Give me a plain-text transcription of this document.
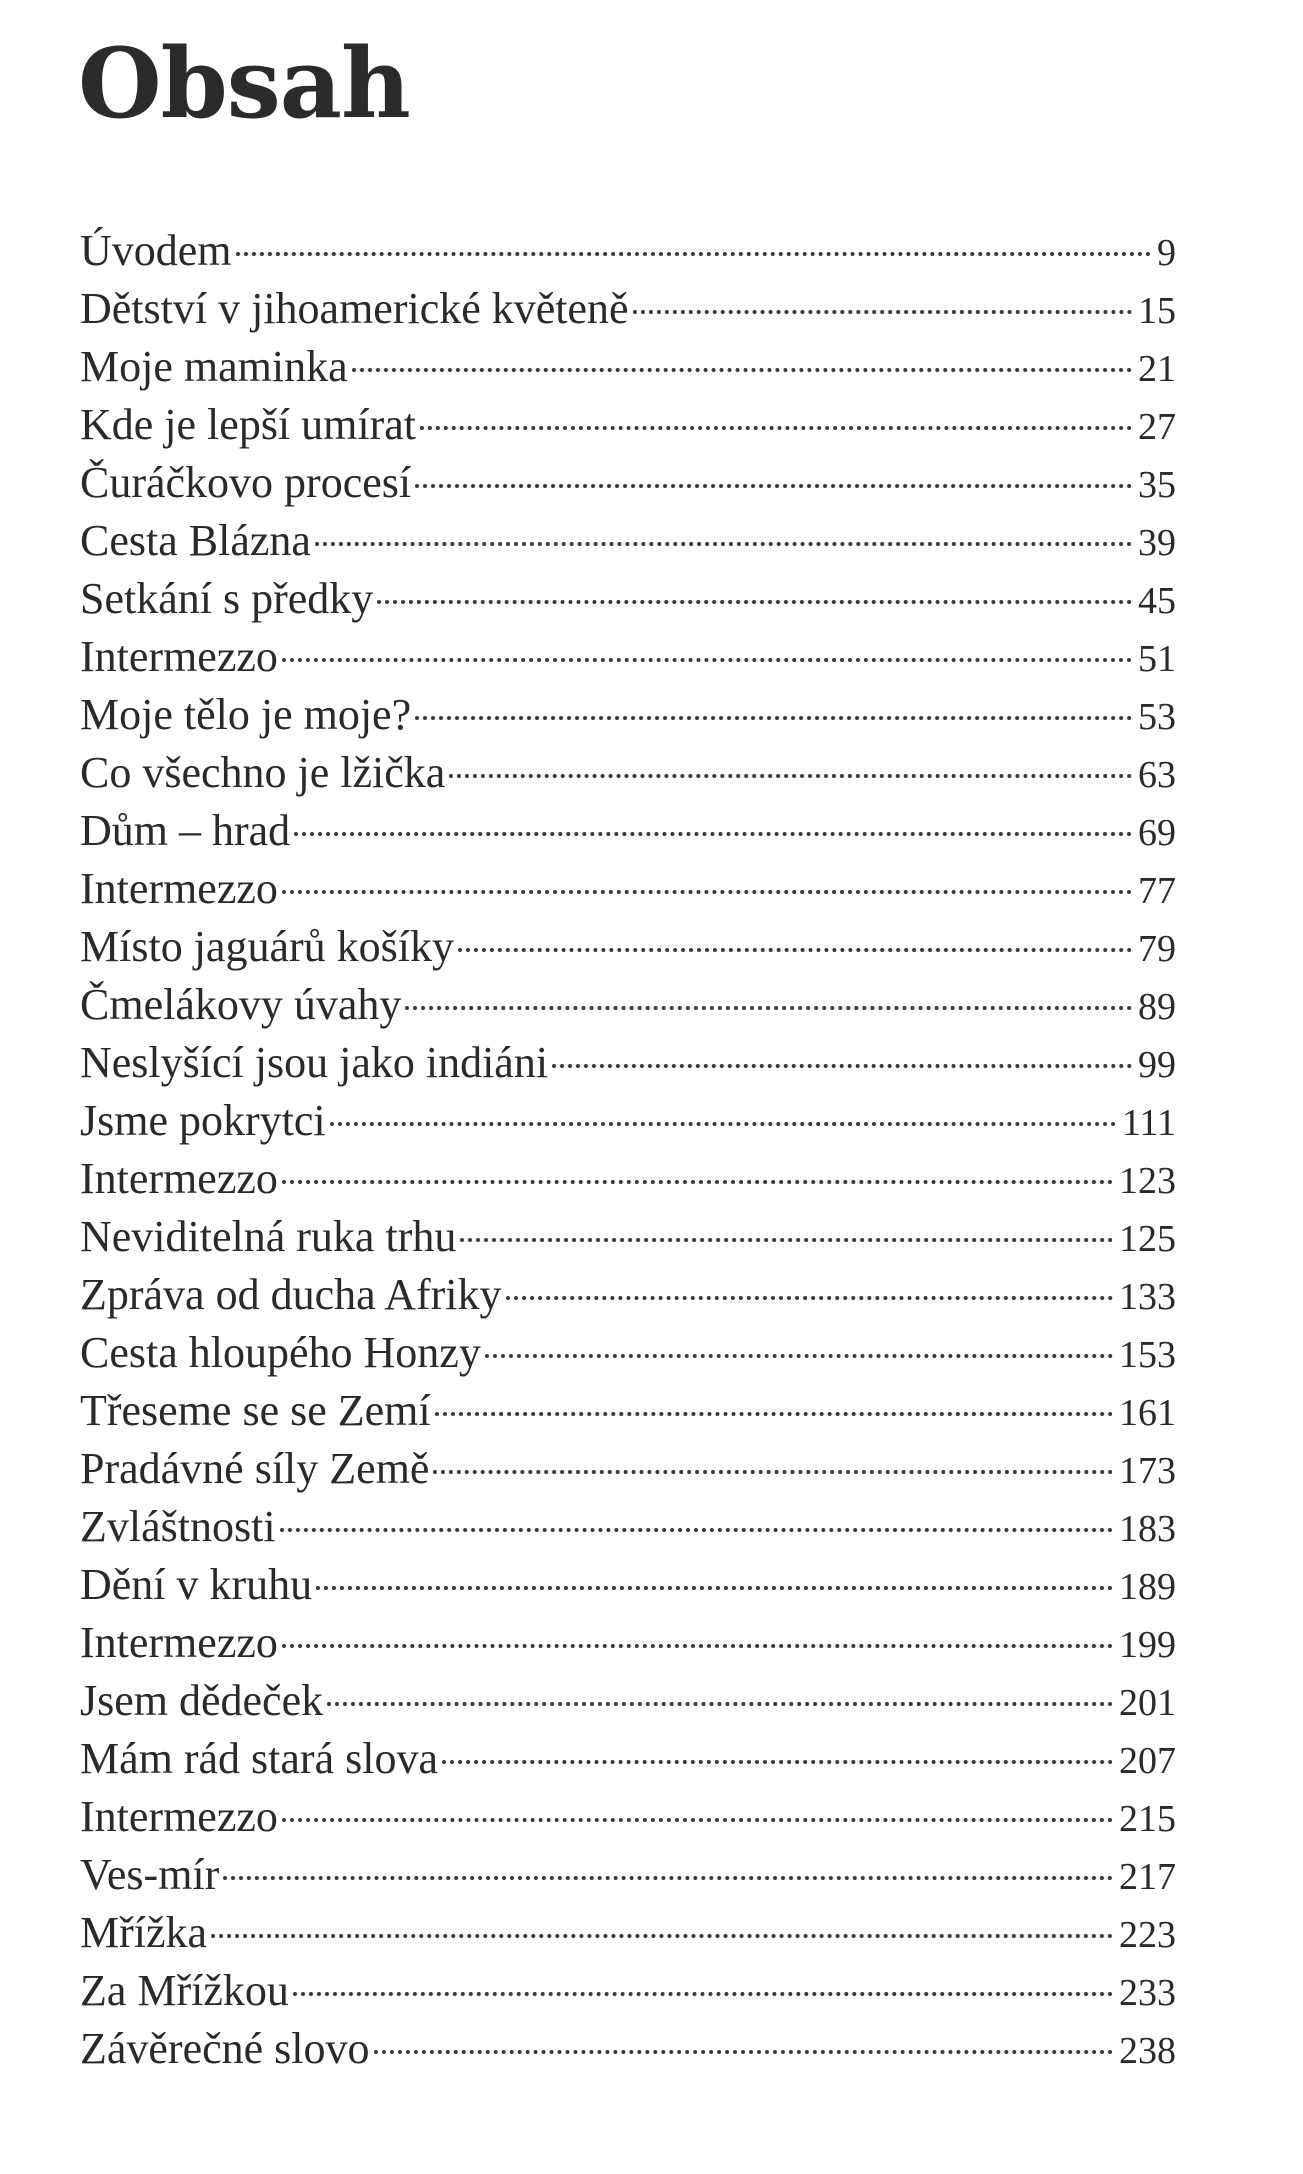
Obsah
Úvodem	9
Dětství v jihoamerické květeně	15
Moje maminka	21
Kde je lepší umírat	27
Čuráčkovo procesí	35
Cesta Blázna	39
Setkání s předky	45
Intermezzo	51
Moje tělo je moje?	53
Co všechno je lžička	63
Dům – hrad	69
Intermezzo	77
Místo jaguárů košíky	79
Čmelákovy úvahy	89
Neslyšící jsou jako indiáni	99
Jsme pokrytci	111
Intermezzo	123
Neviditelná ruka trhu	125
Zpráva od ducha Afriky	133
Cesta hloupého Honzy	153
Třeseme se se Zemí	161
Pradávné síly Země	173
Zvláštnosti	183
Dění v kruhu	189
Intermezzo	199
Jsem dědeček	201
Mám rád stará slova	207
Intermezzo	215
Ves-mír	217
Mřížka	223
Za Mřížkou	233
Závěrečné slovo	238
